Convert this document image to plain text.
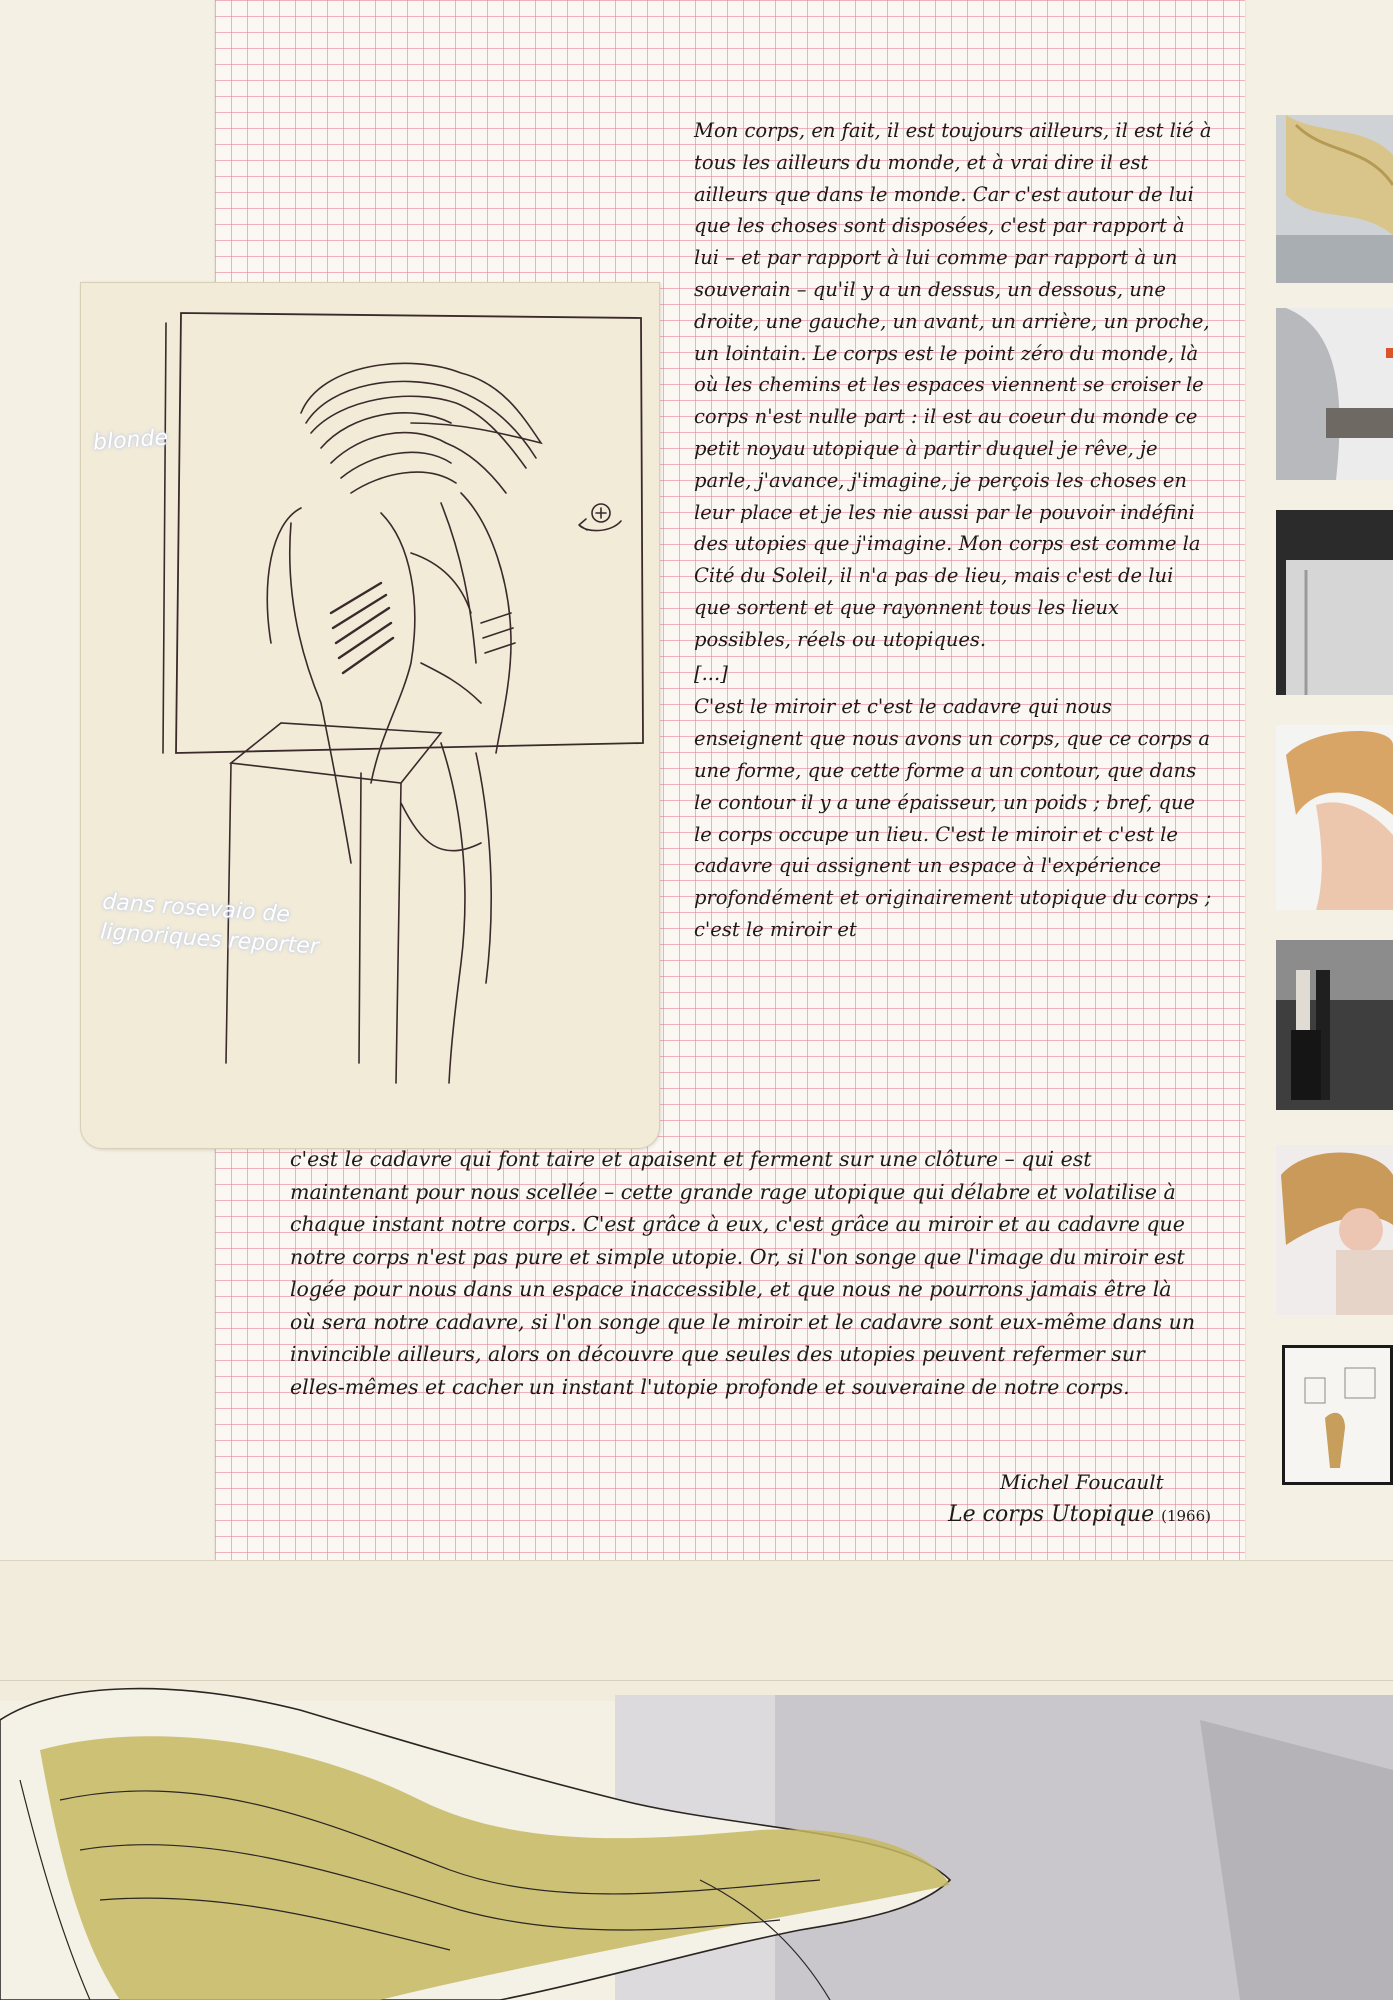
blonde
dans rosevaio de lignoriques reporter

Mon corps, en fait, il est toujours ailleurs, il est lié à tous les ailleurs du monde, et à vrai dire il est ailleurs que dans le monde. Car c'est autour de lui que les choses sont disposées, c'est par rapport à lui – et par rapport à lui comme par rapport à un souverain – qu'il y a un dessus, un dessous, une droite, une gauche, un avant, un arrière, un proche, un lointain. Le corps est le point zéro du monde, là où les chemins et les espaces viennent se croiser le corps n'est nulle part : il est au coeur du monde ce petit noyau utopique à partir duquel je rêve, je parle, j'avance, j'imagine, je perçois les choses en leur place et je les nie aussi par le pouvoir indéfini des utopies que j'imagine. Mon corps est comme la Cité du Soleil, il n'a pas de lieu, mais c'est de lui que sortent et que rayonnent tous les lieux possibles, réels ou utopiques.

[...]

C'est le miroir et c'est le cadavre qui nous enseignent que nous avons un corps, que ce corps a une forme, que cette forme a un contour, que dans le contour il y a une épaisseur, un poids ; bref, que le corps occupe un lieu. C'est le miroir et c'est le cadavre qui assignent un espace à l'expérience profondément et originairement utopique du corps ; c'est le miroir et

c'est le cadavre qui font taire et apaisent et ferment sur une clôture – qui est maintenant pour nous scellée – cette grande rage utopique qui délabre et volatilise à chaque instant notre corps. C'est grâce à eux, c'est grâce au miroir et au cadavre que notre corps n'est pas pure et simple utopie. Or, si l'on songe que l'image du miroir est logée pour nous dans un espace inaccessible, et que nous ne pourrons jamais être là où sera notre cadavre, si l'on songe que le miroir et le cadavre sont eux-même dans un invincible ailleurs, alors on découvre que seules des utopies peuvent refermer sur elles-mêmes et cacher un instant l'utopie profonde et souveraine de notre corps.

Michel Foucault
Le corps Utopique (1966)
